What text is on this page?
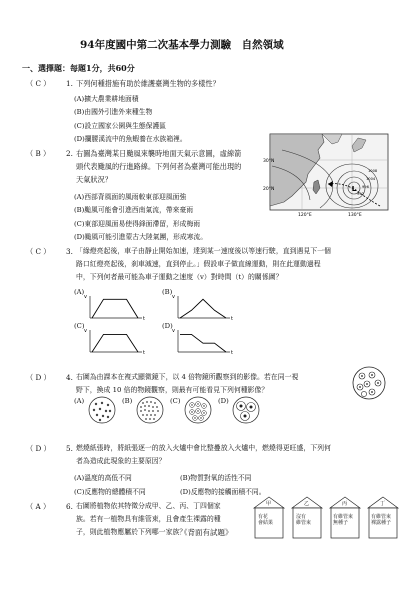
94年度國中第二次基本學力測驗　自然領域
一、選擇題：每題1分，共60分
（ C ） 1. 下列何種措施有助於維護臺灣生物的多樣性？
(A)擴大農業耕地面積
(B)由國外引進外來種生物
(C)設立國家公園與生態保護區
(D)攔腰溪流中的魚蝦養在水族箱裡。
（ B ） 2. 右圖為臺灣某日颱風來襲時地面天氣示意圖，虛線箭
頭代表颱風的行進路線。下列何者為臺灣可能出現的
天氣狀況？
(A)西部背風面的風雨較東部迎風面強
(B)颱風可能會引進西南氣流，帶來豪雨
(C)東部迎風面易使得鋒面滯留，形成梅雨
(D)颱風可能引進蒙古大陸氣團，形成寒流。
L
30°N
20°N
120°E	130°E
1008
1004
996
992
（ C ） 3. 「綠燈亮起後，車子由靜止開始加速，達到某一速度後以等速行駛，直到遇見下一個
路口紅燈亮起後，刹車減速，直到停止。」假設車子做直線運動，則在此運動過程
中，下列何者最可能為車子運動之速度（v）對時間（t）的關係圖？
(A)	(B)
(C)	(D)
v
t
v
t
v
t
v
t
（ D ） 4. 右圖為由課本在複式顯微鏡下，以 4 倍物鏡所觀察到的影像。若在同一視
野下，換成 10 倍的物鏡觀察，則最有可能看見下列何種影像？
(A)	(B)	(C)	(D)
（ D ） 5. 燃燒紙張時，將紙張逐一的放入火爐中會比整疊放入火爐中，燃燒得更旺盛，下列何
者為造成此現象的主要原因？
(A)溫度的高低不同	(B)物質對氧的活性不同
(C)反應物的總體積不同	(D)反應物的接觸面積不同。
（ A ） 6. 右圖將植物依其特徵分成甲、乙、丙、丁四個家
族。若有一植物具有維管束，且會產生裸露的種
子，則此植物應屬於下列哪一家族？
甲
有花
會結果
乙
沒有
維管束
丙
有維管束
無種子
丁
有維管束
裸露種子
《背面有試題》
